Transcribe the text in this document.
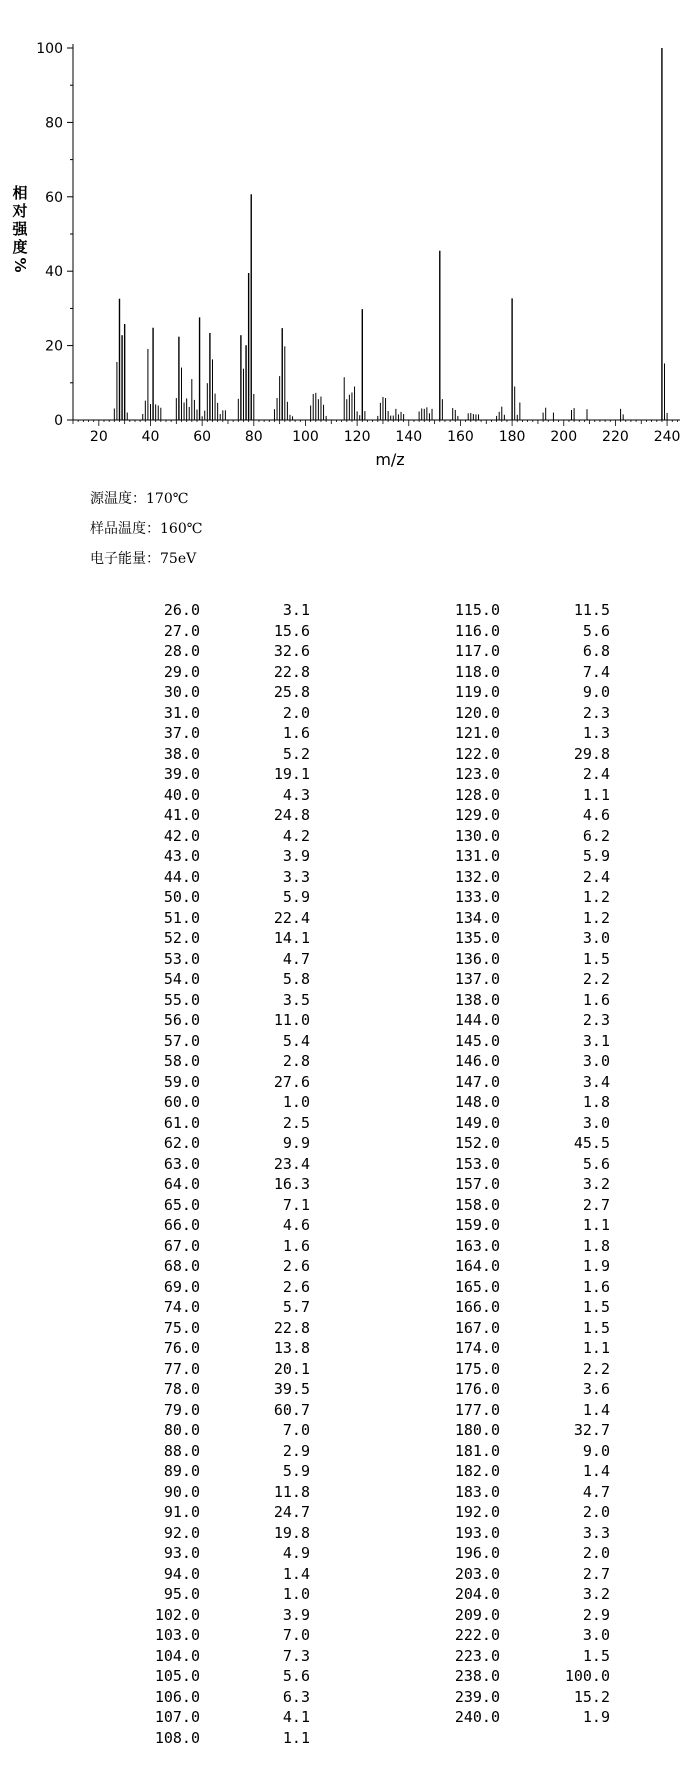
相
对
强
度
%
0
20
40
60
80
100
20 40 60 80 100 120 140 160 180 200 220 240
m/z
源温度：170℃
样品温度：160℃
电子能量：75eV
26.0	3.1
27.0	15.6
28.0	32.6
29.0	22.8
30.0	25.8
31.0	2.0
37.0	1.6
38.0	5.2
39.0	19.1
40.0	4.3
41.0	24.8
42.0	4.2
43.0	3.9
44.0	3.3
50.0	5.9
51.0	22.4
52.0	14.1
53.0	4.7
54.0	5.8
55.0	3.5
56.0	11.0
57.0	5.4
58.0	2.8
59.0	27.6
60.0	1.0
61.0	2.5
62.0	9.9
63.0	23.4
64.0	16.3
65.0	7.1
66.0	4.6
67.0	1.6
68.0	2.6
69.0	2.6
74.0	5.7
75.0	22.8
76.0	13.8
77.0	20.1
78.0	39.5
79.0	60.7
80.0	7.0
88.0	2.9
89.0	5.9
90.0	11.8
91.0	24.7
92.0	19.8
93.0	4.9
94.0	1.4
95.0	1.0
102.0	3.9
103.0	7.0
104.0	7.3
105.0	5.6
106.0	6.3
107.0	4.1
108.0	1.1
115.0	11.5
116.0	5.6
117.0	6.8
118.0	7.4
119.0	9.0
120.0	2.3
121.0	1.3
122.0	29.8
123.0	2.4
128.0	1.1
129.0	4.6
130.0	6.2
131.0	5.9
132.0	2.4
133.0	1.2
134.0	1.2
135.0	3.0
136.0	1.5
137.0	2.2
138.0	1.6
144.0	2.3
145.0	3.1
146.0	3.0
147.0	3.4
148.0	1.8
149.0	3.0
152.0	45.5
153.0	5.6
157.0	3.2
158.0	2.7
159.0	1.1
163.0	1.8
164.0	1.9
165.0	1.6
166.0	1.5
167.0	1.5
174.0	1.1
175.0	2.2
176.0	3.6
177.0	1.4
180.0	32.7
181.0	9.0
182.0	1.4
183.0	4.7
192.0	2.0
193.0	3.3
196.0	2.0
203.0	2.7
204.0	3.2
209.0	2.9
222.0	3.0
223.0	1.5
238.0	100.0
239.0	15.2
240.0	1.9
